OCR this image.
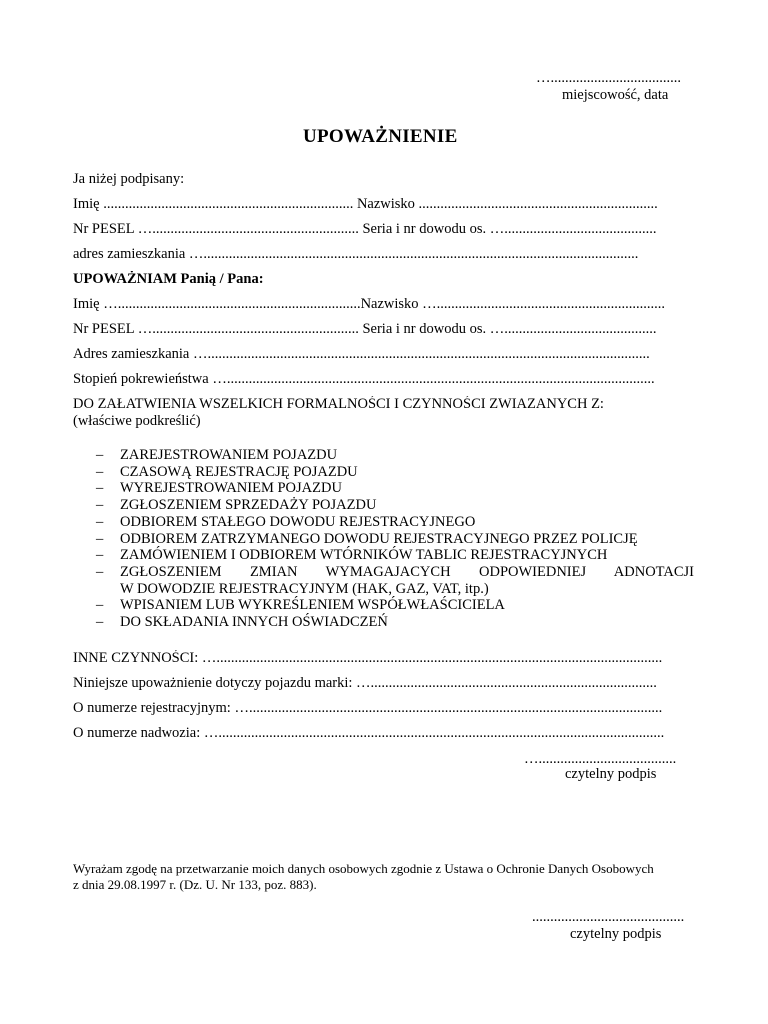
…....................................
miejscowość, data
UPOWAŻNIENIE
Ja niżej podpisany:
Imię ..................................................................... Nazwisko ..................................................................
Nr PESEL …......................................................... Seria i nr dowodu os. …..........................................
adres zamieszkania …........................................................................................................................
UPOWAŻNIAM Panią / Pana:
Imię …...................................................................Nazwisko …...............................................................
Nr PESEL …......................................................... Seria i nr dowodu os. …..........................................
Adres zamieszkania …..........................................................................................................................
Stopień pokrewieństwa …......................................................................................................................
DO ZAŁATWIENIA WSZELKICH FORMALNOŚCI I CZYNNOŚCI ZWIAZANYCH Z:
(właściwe podkreślić)
–	ZAREJESTROWANIEM POJAZDU
–	CZASOWĄ REJESTRACJĘ POJAZDU
–	WYREJESTROWANIEM POJAZDU
–	ZGŁOSZENIEM SPRZEDAŻY POJAZDU
–	ODBIOREM STAŁEGO DOWODU REJESTRACYJNEGO
–	ODBIOREM ZATRZYMANEGO DOWODU REJESTRACYJNEGO PRZEZ POLICJĘ
–	ZAMÓWIENIEM I ODBIOREM WTÓRNIKÓW TABLIC REJESTRACYJNYCH
–	ZGŁOSZENIEM ZMIAN WYMAGAJACYCH ODPOWIEDNIEJ ADNOTACJI
W DOWODZIE REJESTRACYJNYM (HAK, GAZ, VAT, itp.)
–	WPISANIEM LUB WYKREŚLENIEM WSPÓŁWŁAŚCICIELA
–	DO SKŁADANIA INNYCH OŚWIADCZEŃ
INNE CZYNNOŚCI: …...........................................................................................................................
Niniejsze upoważnienie dotyczy pojazdu marki: …...............................................................................
O numerze rejestracyjnym: …..................................................................................................................
O numerze nadwozia: …...........................................................................................................................
…......................................
czytelny podpis
Wyrażam zgodę na przetwarzanie moich danych osobowych zgodnie z Ustawa o Ochronie Danych Osobowych
z dnia 29.08.1997 r. (Dz. U. Nr 133, poz. 883).
..........................................
czytelny podpis
